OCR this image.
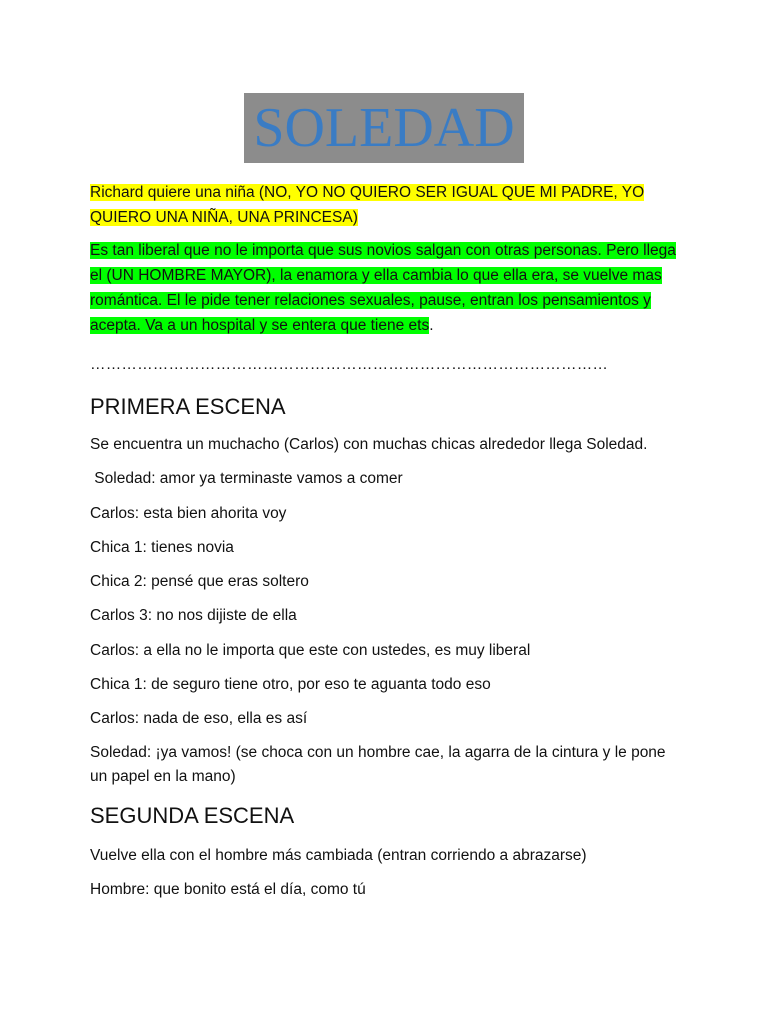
SOLEDAD

Richard quiere una niña (NO, YO NO QUIERO SER IGUAL QUE MI PADRE, YO QUIERO UNA NIÑA, UNA PRINCESA)

Es tan liberal que no le importa que sus novios salgan con otras personas. Pero llega el (UN HOMBRE MAYOR), la enamora y ella cambia lo que ella era, se vuelve mas romántica. El le pide tener relaciones sexuales, pause, entran los pensamientos y acepta. Va a un hospital y se entera que tiene ets.

………………………………………………………………………………………
PRIMERA ESCENA
Se encuentra un muchacho (Carlos) con muchas chicas alrededor llega Soledad.
Soledad: amor ya terminaste vamos a comer
Carlos: esta bien ahorita voy
Chica 1: tienes novia
Chica 2: pensé que eras soltero
Carlos 3: no nos dijiste de ella
Carlos: a ella no le importa que este con ustedes, es muy liberal
Chica 1: de seguro tiene otro, por eso te aguanta todo eso
Carlos: nada de eso, ella es así
Soledad: ¡ya vamos! (se choca con un hombre cae, la agarra de la cintura y le pone un papel en la mano)
SEGUNDA ESCENA
Vuelve ella con el hombre más cambiada (entran corriendo a abrazarse)
Hombre: que bonito está el día, como tú
